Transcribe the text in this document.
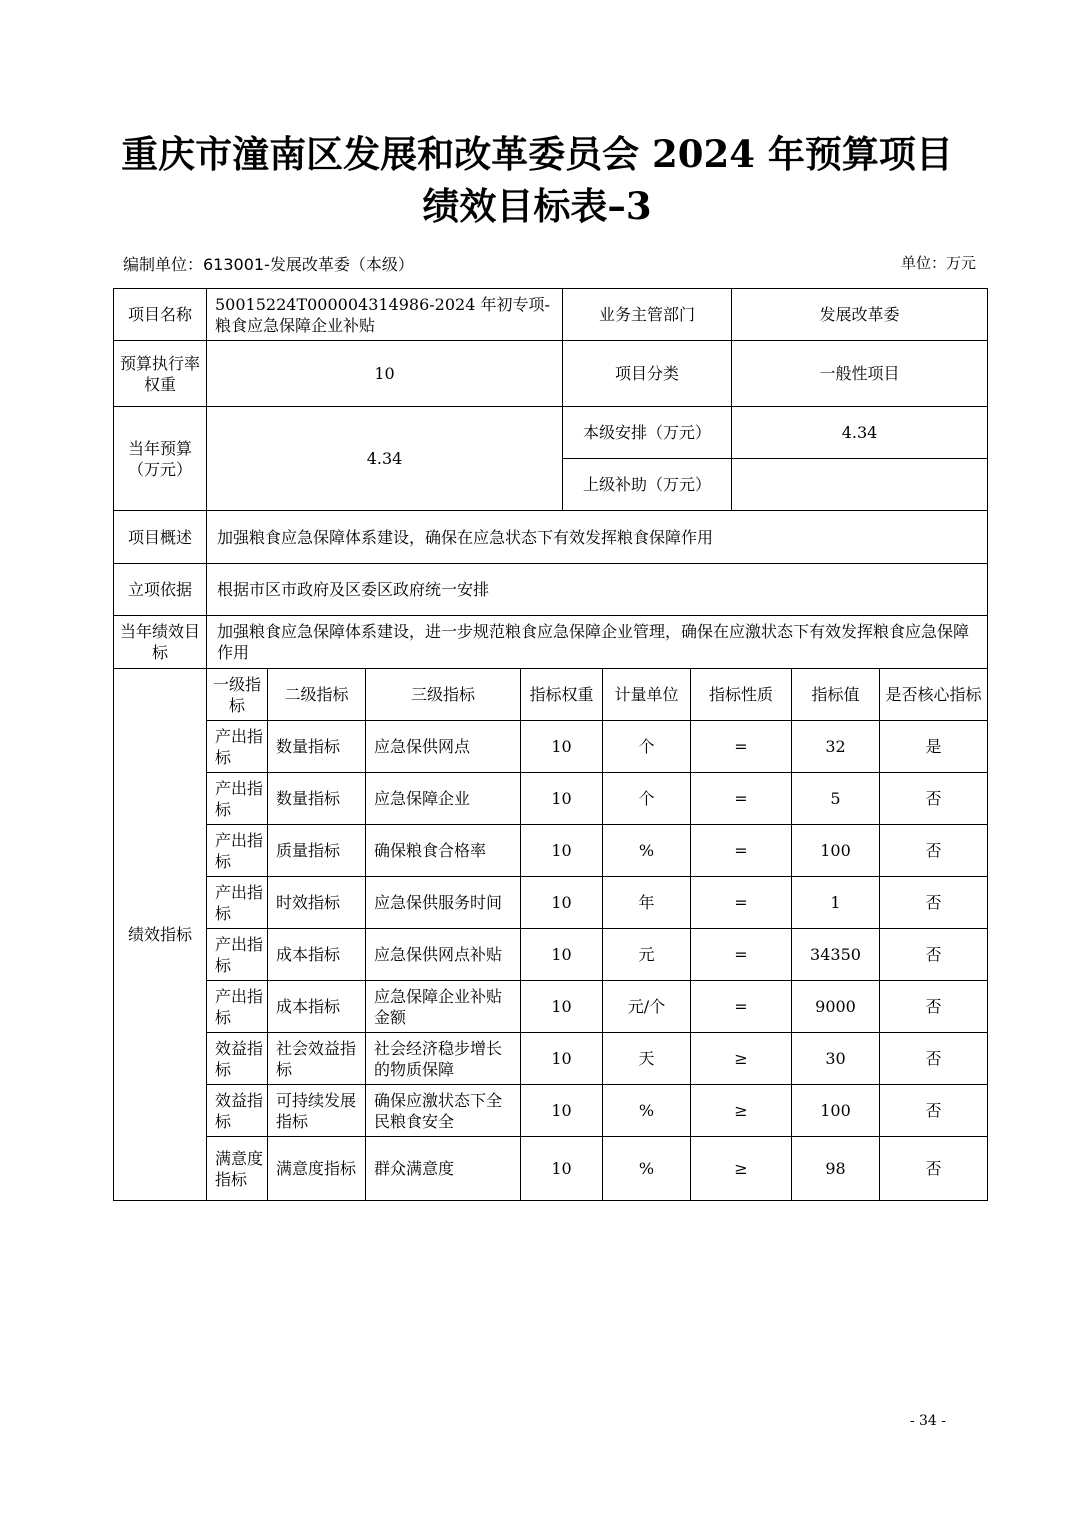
重庆市潼南区发展和改革委员会 2024 年预算项目
绩效目标表–3
编制单位：613001-发展改革委（本级）	单位：万元
项目名称	50015224T000004314986-2024 年初专项-粮食应急保障企业补贴	业务主管部门	发展改革委
预算执行率权重	10	项目分类	一般性项目
当年预算（万元）	4.34	本级安排（万元）	4.34
		上级补助（万元）	
项目概述	加强粮食应急保障体系建设，确保在应急状态下有效发挥粮食保障作用		
立项依据	根据市区市政府及区委区政府统一安排		
当年绩效目标	加强粮食应急保障体系建设，进一步规范粮食应急保障企业管理，确保在应激状态下有效发挥粮食应急保障作用		
绩效指标	一级指标	二级指标	三级指标	指标权重	计量单位	指标性质	指标值	是否核心指标
	产出指标	数量指标	应急保供网点	10	个	=	32	是
	产出指标	数量指标	应急保障企业	10	个	=	5	否
	产出指标	质量指标	确保粮食合格率	10	%	=	100	否
	产出指标	时效指标	应急保供服务时间	10	年	=	1	否
	产出指标	成本指标	应急保供网点补贴	10	元	=	34350	否
	产出指标	成本指标	应急保障企业补贴金额	10	元/个	=	9000	否
	效益指标	社会效益指标	社会经济稳步增长的物质保障	10	天	≥	30	否
	效益指标	可持续发展指标	确保应激状态下全民粮食安全	10	%	≥	100	否
	满意度指标	满意度指标	群众满意度	10	%	≥	98	否
- 34 -
